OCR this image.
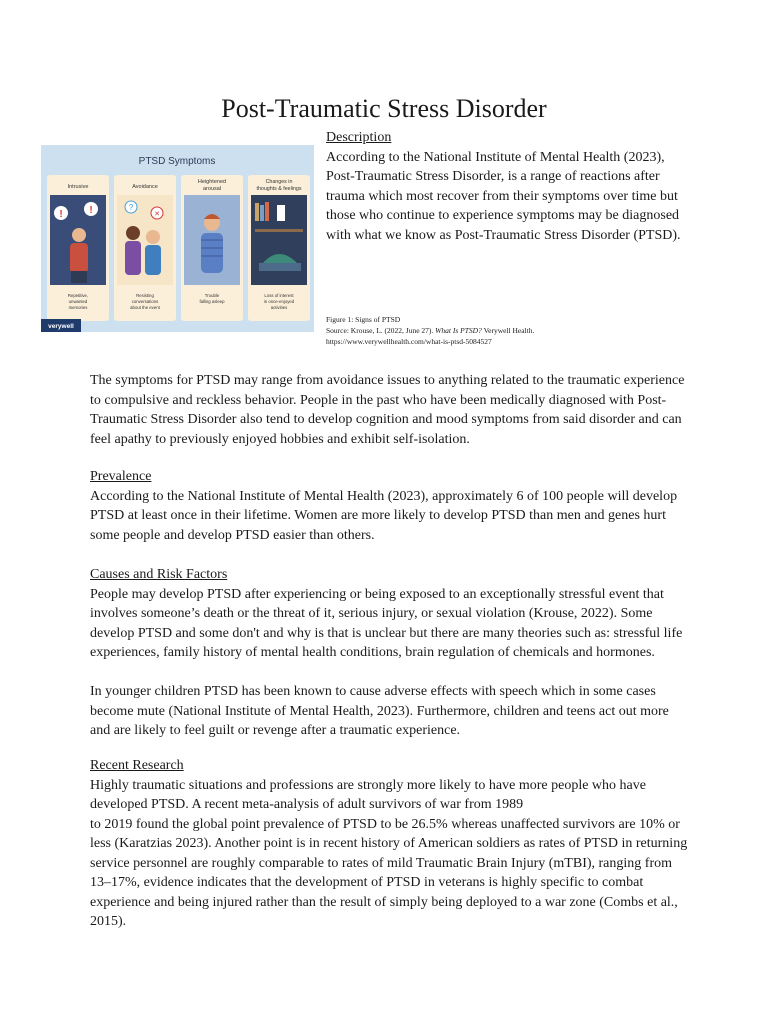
Post-Traumatic Stress Disorder
PTSD Symptoms
Intrusive
!	!
Repetitive,
unwanted
memories
Avoidance
?
✕
Resisting
conversations
about the event
Heightened
arousal
Trouble
falling asleep
Changes in
thoughts & feelings
Loss of interest
in once-enjoyed
activities
verywell
Description
According to the National Institute of Mental Health (2023), Post-Traumatic Stress Disorder, is a range of reactions after trauma which most recover from their symptoms over time but those who continue to experience symptoms may be diagnosed with what we know as Post-Traumatic Stress Disorder (PTSD).
Figure 1: Signs of PTSD
Source: Krouse, L. (2022, June 27). What Is PTSD? Verywell Health.
https://www.verywellhealth.com/what-is-ptsd-5084527
The symptoms for PTSD may range from avoidance issues to anything related to the traumatic experience to compulsive and reckless behavior. People in the past who have been medically diagnosed with Post-Traumatic Stress Disorder also tend to develop cognition and mood symptoms from said disorder and can feel apathy to previously enjoyed hobbies and exhibit self-isolation.
Prevalence
According to the National Institute of Mental Health (2023), approximately 6 of 100 people will develop PTSD at least once in their lifetime. Women are more likely to develop PTSD than men and genes hurt some people and develop PTSD easier than others.
Causes and Risk Factors
People may develop PTSD after experiencing or being exposed to an exceptionally stressful event that involves someone’s death or the threat of it, serious injury, or sexual violation (Krouse, 2022). Some develop PTSD and some don't and why is that is unclear but there are many theories such as: stressful life experiences, family history of mental health conditions, brain regulation of chemicals and hormones.
In younger children PTSD has been known to cause adverse effects with speech which in some cases become mute (National Institute of Mental Health, 2023). Furthermore, children and teens act out more and are likely to feel guilt or revenge after a traumatic experience.
Recent Research
Highly traumatic situations and professions are strongly more likely to have more people who have developed PTSD. A recent meta-analysis of adult survivors of war from 1989
to 2019 found the global point prevalence of PTSD to be 26.5% whereas unaffected survivors are 10% or less (Karatzias 2023). Another point is in recent history of American soldiers as rates of PTSD in returning service personnel are roughly comparable to rates of mild Traumatic Brain Injury (mTBI), ranging from 13–17%, evidence indicates that the development of PTSD in veterans is highly specific to combat experience and being injured rather than the result of simply being deployed to a war zone (Combs et al., 2015).
